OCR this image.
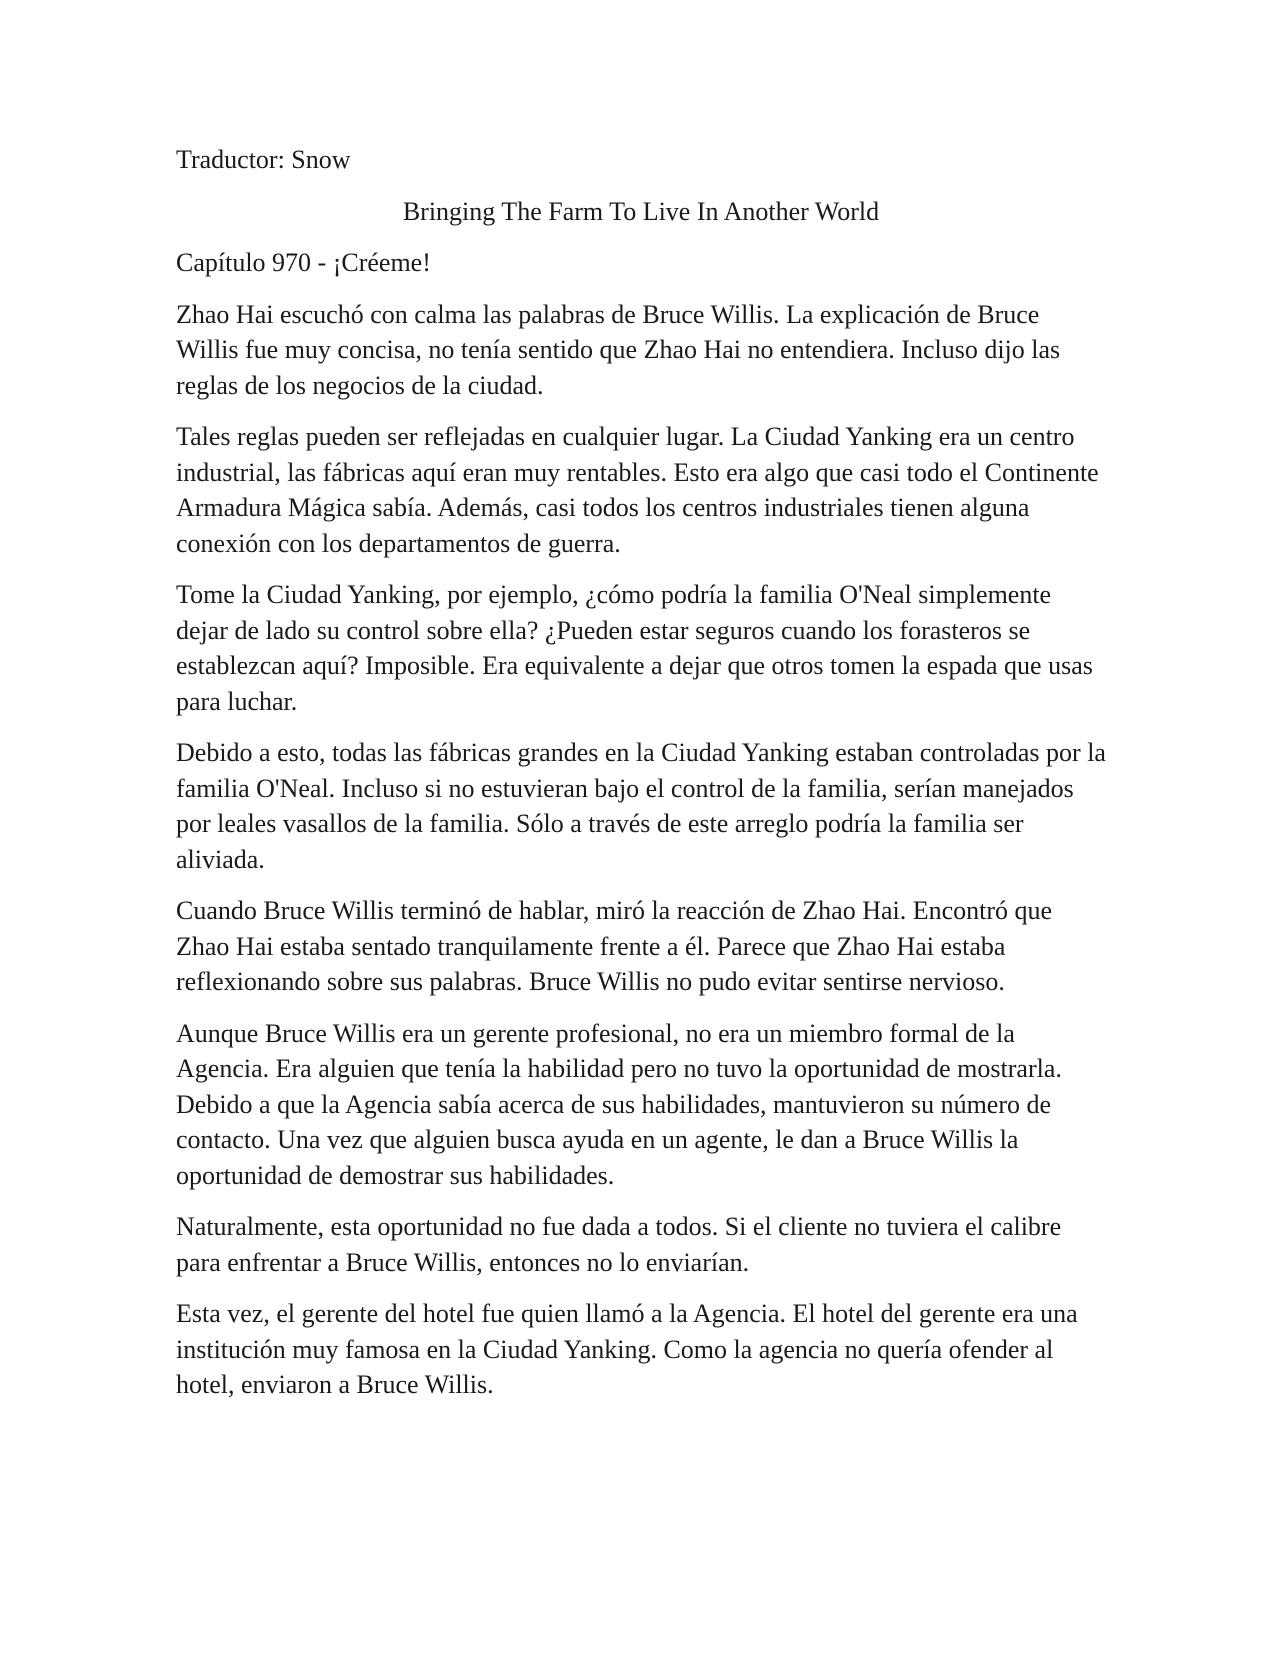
Traductor: Snow
Bringing The Farm To Live In Another World
Capítulo 970 - ¡Créeme!

Zhao Hai escuchó con calma las palabras de Bruce Willis. La explicación de Bruce Willis fue muy concisa, no tenía sentido que Zhao Hai no entendiera. Incluso dijo las reglas de los negocios de la ciudad.

Tales reglas pueden ser reflejadas en cualquier lugar. La Ciudad Yanking era un centro industrial, las fábricas aquí eran muy rentables. Esto era algo que casi todo el Continente Armadura Mágica sabía. Además, casi todos los centros industriales tienen alguna conexión con los departamentos de guerra.

Tome la Ciudad Yanking, por ejemplo, ¿cómo podría la familia O'Neal simplemente dejar de lado su control sobre ella? ¿Pueden estar seguros cuando los forasteros se establezcan aquí? Imposible. Era equivalente a dejar que otros tomen la espada que usas para luchar.

Debido a esto, todas las fábricas grandes en la Ciudad Yanking estaban controladas por la familia O'Neal. Incluso si no estuvieran bajo el control de la familia, serían manejados por leales vasallos de la familia. Sólo a través de este arreglo podría la familia ser aliviada.

Cuando Bruce Willis terminó de hablar, miró la reacción de Zhao Hai. Encontró que Zhao Hai estaba sentado tranquilamente frente a él. Parece que Zhao Hai estaba reflexionando sobre sus palabras. Bruce Willis no pudo evitar sentirse nervioso.

Aunque Bruce Willis era un gerente profesional, no era un miembro formal de la Agencia. Era alguien que tenía la habilidad pero no tuvo la oportunidad de mostrarla. Debido a que la Agencia sabía acerca de sus habilidades, mantuvieron su número de contacto. Una vez que alguien busca ayuda en un agente, le dan a Bruce Willis la oportunidad de demostrar sus habilidades.

Naturalmente, esta oportunidad no fue dada a todos. Si el cliente no tuviera el calibre para enfrentar a Bruce Willis, entonces no lo enviarían.

Esta vez, el gerente del hotel fue quien llamó a la Agencia. El hotel del gerente era una institución muy famosa en la Ciudad Yanking. Como la agencia no quería ofender al hotel, enviaron a Bruce Willis.
